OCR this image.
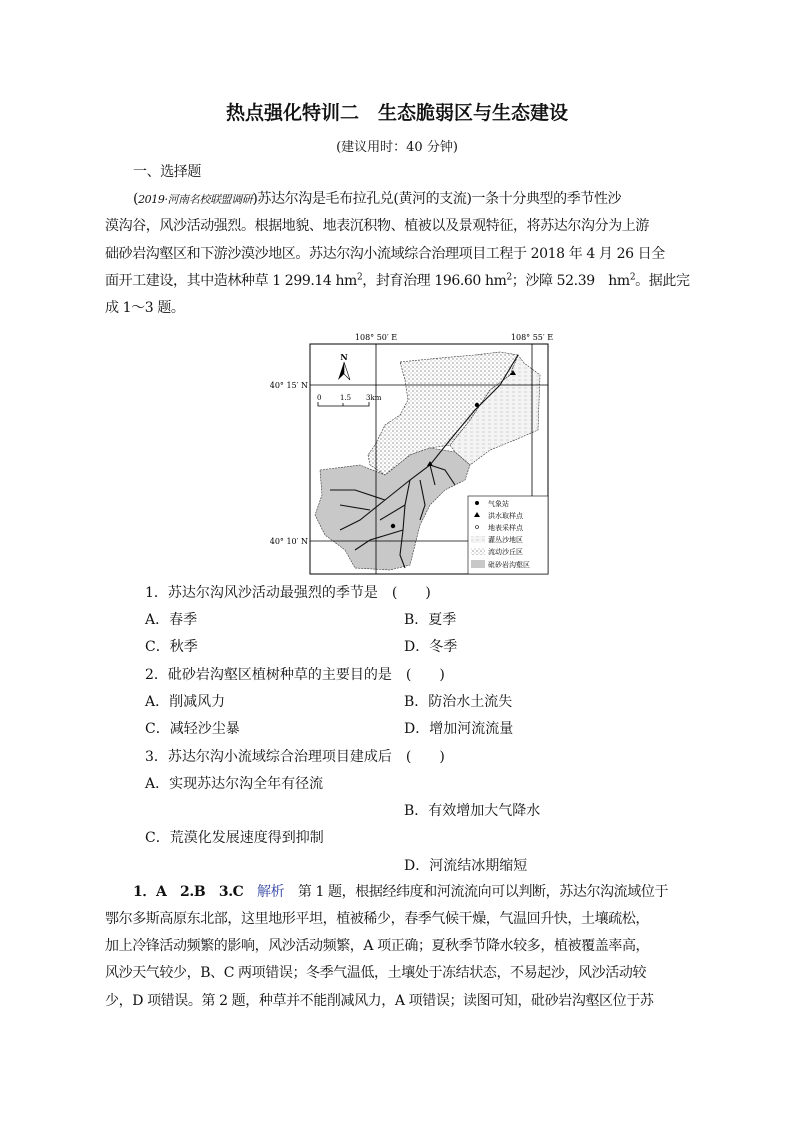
热点强化特训二　生态脆弱区与生态建设
(建议用时：40 分钟)
一、选择题
(2019·河南名校联盟调研)苏达尔沟是毛布拉孔兑(黄河的支流)一条十分典型的季节性沙
漠沟谷，风沙活动强烈。根据地貌、地表沉积物、植被以及景观特征，将苏达尔沟分为上游
础砂岩沟壑区和下游沙漠沙地区。苏达尔沟小流域综合治理项目工程于 2018 年 4 月 26 日全
面开工建设，其中造林种草 1 299.14 $hm^2$，封育治理 196.60 $hm^2$；沙障 52.39　$hm^2$。据此完
成 1～3 题。
108° 50′ E	108° 55′ E
40° 15′ N
40° 10′ N
N
0	1.5 3km
气象站
洪水取样点
地表采样点
灌丛沙地区
流动沙丘区
砒砂岩沟壑区
1．苏达尔沟风沙活动最强烈的季节是　(　　)
A．春季	B．夏季
C．秋季	D．冬季
2．砒砂岩沟壑区植树种草的主要目的是　(　　)
A．削减风力	B．防治水土流失
C．减轻沙尘暴	D．增加河流流量
3．苏达尔沟小流域综合治理项目建成后　(　　)
A．实现苏达尔沟全年有径流
B．有效增加大气降水
C．荒漠化发展速度得到抑制
D．河流结冰期缩短
1．A　2.B　3.C　 解析　 第 1 题，根据经纬度和河流流向可以判断，苏达尔沟流域位于
鄂尔多斯高原东北部，这里地形平坦，植被稀少，春季气候干燥，气温回升快，土壤疏松，
加上冷锋活动频繁的影响，风沙活动频繁，A 项正确；夏秋季节降水较多，植被覆盖率高，
风沙天气较少，B、C 两项错误；冬季气温低，土壤处于冻结状态，不易起沙，风沙活动较
少，D 项错误。第 2 题，种草并不能削减风力，A 项错误；读图可知，砒砂岩沟壑区位于苏
